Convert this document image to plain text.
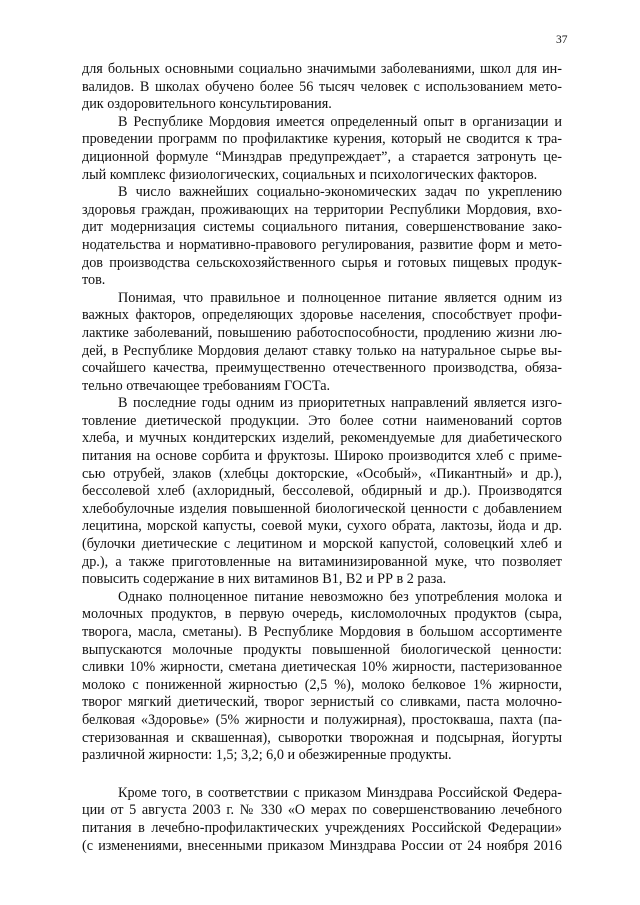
37

для больных основными социально значимыми заболеваниями, школ для ин-
валидов. В школах обучено более 56 тысяч человек с использованием мето-
дик оздоровительного консультирования.

В Республике Мордовия имеется определенный опыт в организации и
проведении программ по профилактике курения, который не сводится к тра-
диционной формуле “Минздрав предупреждает”, а старается затронуть це-
лый комплекс физиологических, социальных и психологических факторов.

В число важнейших социально-экономических задач по укреплению
здоровья граждан, проживающих на территории Республики Мордовия, вхо-
дит модернизация системы социального питания, совершенствование зако-
нодательства и нормативно-правового регулирования, развитие форм и мето-
дов производства сельскохозяйственного сырья и готовых пищевых продук-
тов.

Понимая, что правильное и полноценное питание является одним из
важных факторов, определяющих здоровье населения, способствует профи-
лактике заболеваний, повышению работоспособности, продлению жизни лю-
дей, в Республике Мордовия делают ставку только на натуральное сырье вы-
сочайшего качества, преимущественно отечественного производства, обяза-
тельно отвечающее требованиям ГОСТа.

В последние годы одним из приоритетных направлений является изго-
товление диетической продукции. Это более сотни наименований сортов
хлеба, и мучных кондитерских изделий, рекомендуемые для диабетического
питания на основе сорбита и фруктозы. Широко производится хлеб с приме-
сью отрубей, злаков (хлебцы докторские, «Особый», «Пикантный» и др.),
бессолевой хлеб (ахлоридный, бессолевой, обдирный и др.). Производятся
хлебобулочные изделия повышенной биологической ценности с добавлением
лецитина, морской капусты, соевой муки, сухого обрата, лактозы, йода и др.
(булочки диетические с лецитином и морской капустой, соловецкий хлеб и
др.), а также приготовленные на витаминизированной муке, что позволяет
повысить содержание в них витаминов В1, В2 и РР в 2 раза.

Однако полноценное питание невозможно без употребления молока и
молочных продуктов, в первую очередь, кисломолочных продуктов (сыра,
творога, масла, сметаны). В Республике Мордовия в большом ассортименте
выпускаются молочные продукты повышенной биологической ценности:
сливки 10% жирности, сметана диетическая 10% жирности, пастеризованное
молоко с пониженной жирностью (2,5 %), молоко белковое 1% жирности,
творог мягкий диетический, творог зернистый со сливками, паста молочно-
белковая «Здоровье» (5% жирности и полужирная), простокваша, пахта (па-
стеризованная и сквашенная), сыворотки творожная и подсырная, йогурты
различной жирности: 1,5; 3,2; 6,0 и обезжиренные продукты.

Кроме того, в соответствии с приказом Минздрава Российской Федера-
ции от 5 августа 2003 г. № 330 «О мерах по совершенствованию лечебного
питания в лечебно-профилактических учреждениях Российской Федерации»
(с изменениями, внесенными приказом Минздрава России от 24 ноября 2016
